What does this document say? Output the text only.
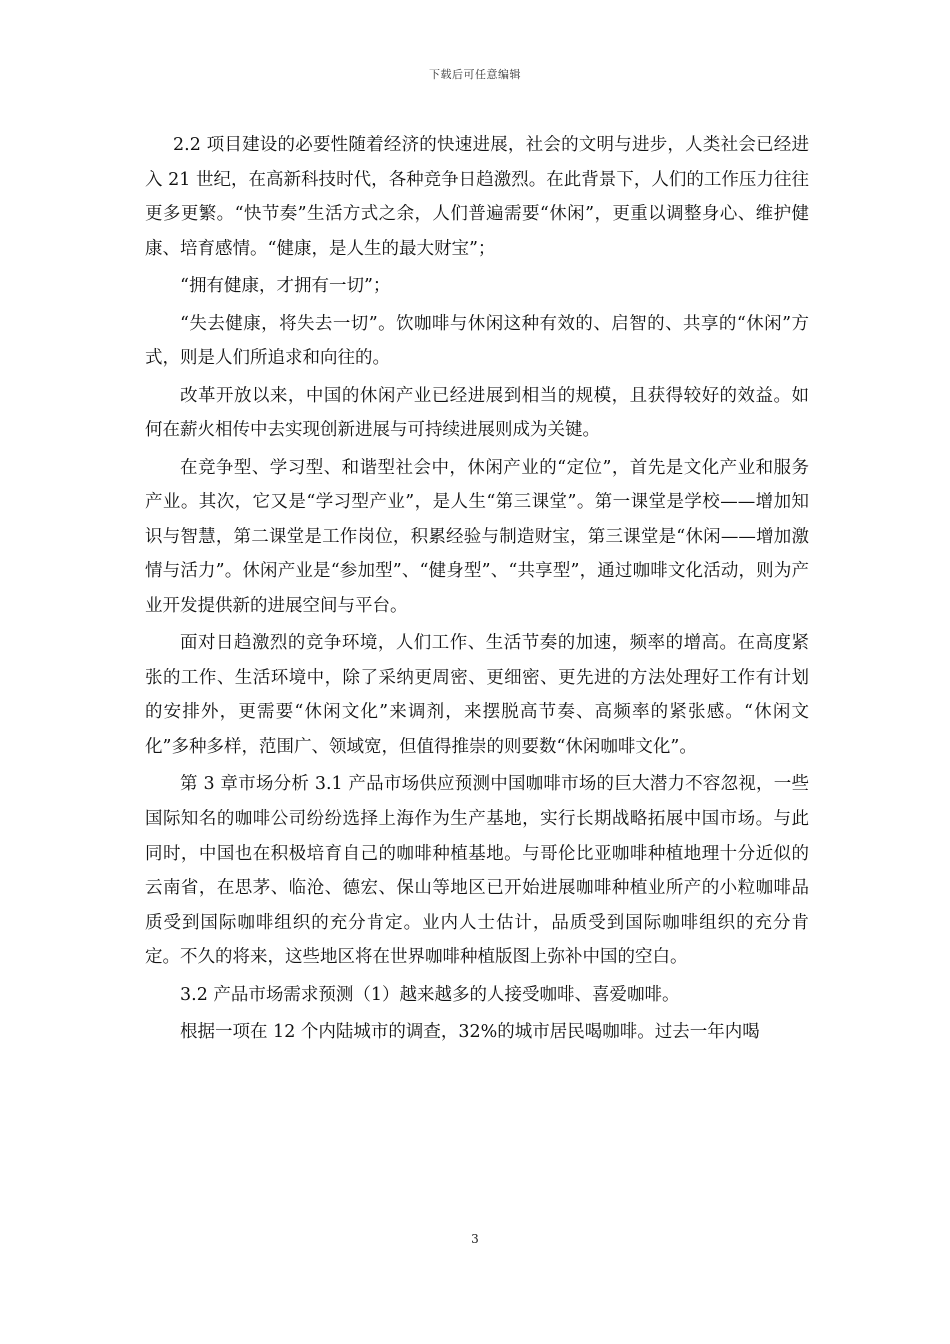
下载后可任意编辑

2.2 项目建设的必要性随着经济的快速进展，社会的文明与进步，人类社会已经进入 21 世纪，在高新科技时代，各种竞争日趋激烈。在此背景下，人们的工作压力往往更多更繁。“快节奏”生活方式之余，人们普遍需要“休闲”，更重以调整身心、维护健康、培育感情。“健康，是人生的最大财宝”；

“拥有健康，才拥有一切”；

“失去健康，将失去一切”。饮咖啡与休闲这种有效的、启智的、共享的“休闲”方式，则是人们所追求和向往的。

改革开放以来，中国的休闲产业已经进展到相当的规模，且获得较好的效益。如何在薪火相传中去实现创新进展与可持续进展则成为关键。

在竞争型、学习型、和谐型社会中，休闲产业的“定位”，首先是文化产业和服务产业。其次，它又是“学习型产业”，是人生“第三课堂”。第一课堂是学校——增加知识与智慧，第二课堂是工作岗位，积累经验与制造财宝，第三课堂是“休闲——增加激情与活力”。休闲产业是“参加型”、“健身型”、“共享型”，通过咖啡文化活动，则为产业开发提供新的进展空间与平台。

面对日趋激烈的竞争环境，人们工作、生活节奏的加速，频率的增高。在高度紧张的工作、生活环境中，除了采纳更周密、更细密、更先进的方法处理好工作有计划的安排外，更需要“休闲文化”来调剂，来摆脱高节奏、高频率的紧张感。“休闲文化”多种多样，范围广、领域宽，但值得推崇的则要数“休闲咖啡文化”。

第 3 章市场分析 3.1 产品市场供应预测中国咖啡市场的巨大潜力不容忽视，一些国际知名的咖啡公司纷纷选择上海作为生产基地，实行长期战略拓展中国市场。与此同时，中国也在积极培育自己的咖啡种植基地。与哥伦比亚咖啡种植地理十分近似的云南省，在思茅、临沧、德宏、保山等地区已开始进展咖啡种植业所产的小粒咖啡品质受到国际咖啡组织的充分肯定。业内人士估计，品质受到国际咖啡组织的充分肯定。不久的将来，这些地区将在世界咖啡种植版图上弥补中国的空白。

3.2 产品市场需求预测（1）越来越多的人接受咖啡、喜爱咖啡。

根据一项在 12 个内陆城市的调查，32%的城市居民喝咖啡。过去一年内喝

3
